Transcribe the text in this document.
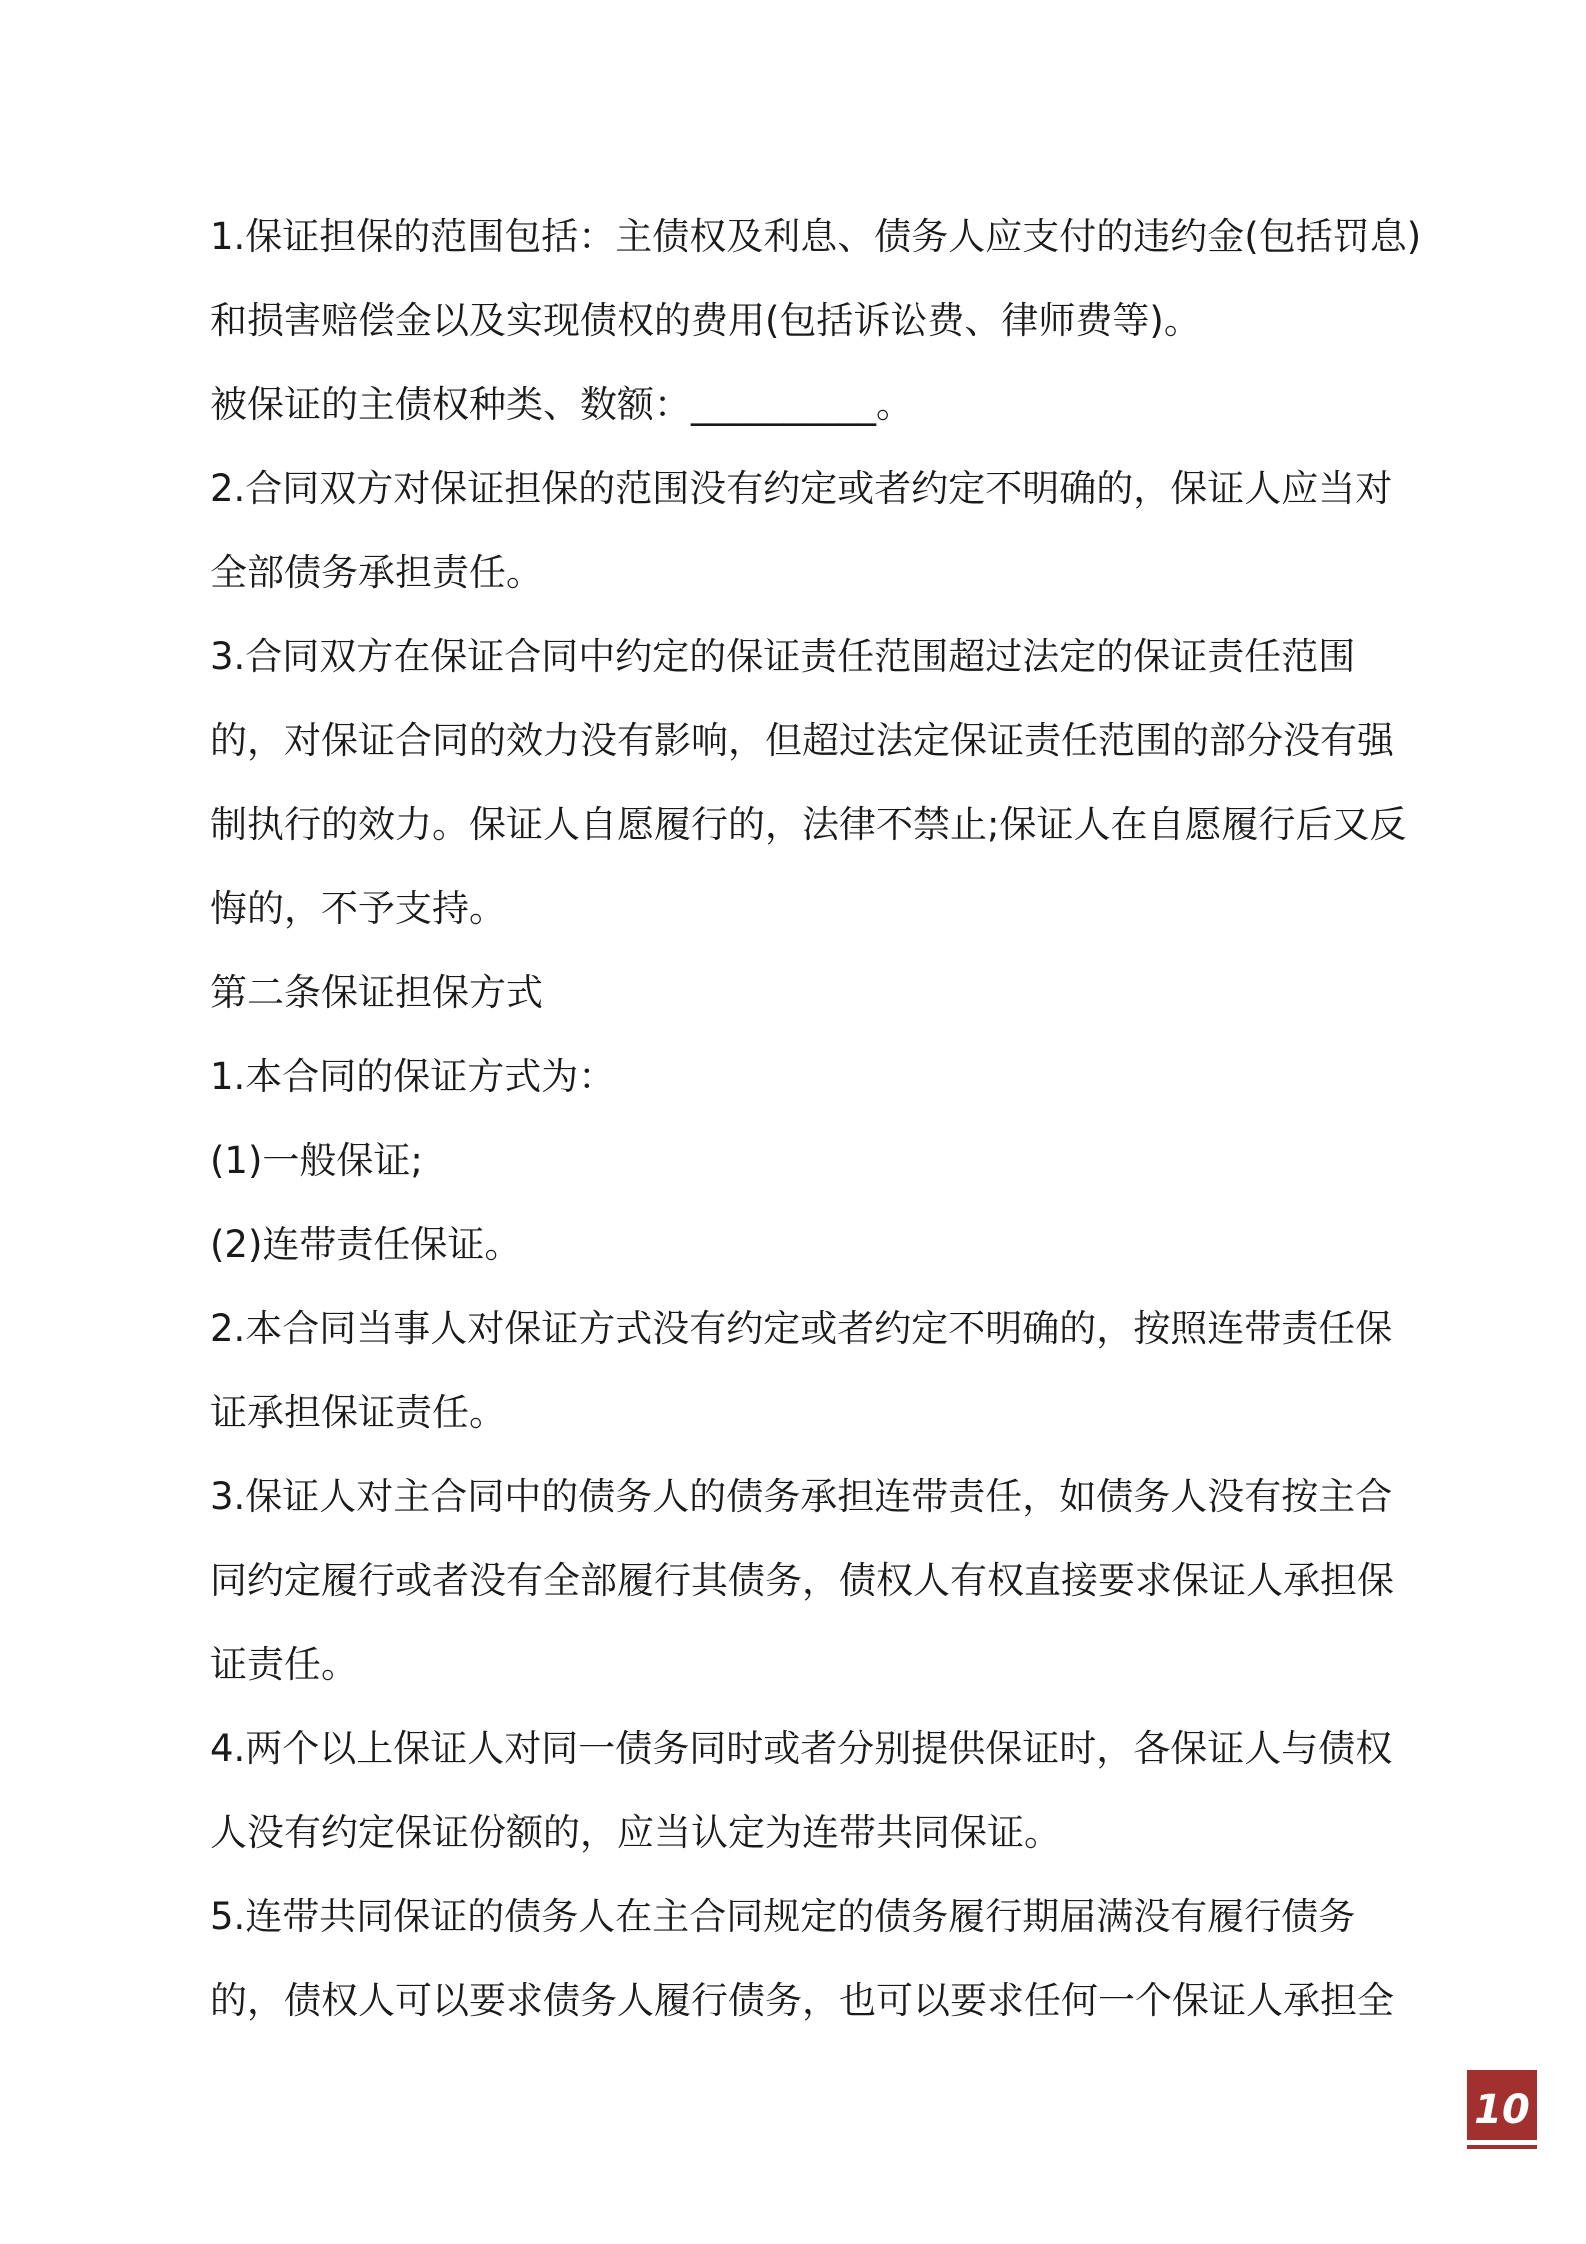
1.保证担保的范围包括：主债权及利息、债务人应支付的违约金(包括罚息)
和损害赔偿金以及实现债权的费用(包括诉讼费、律师费等)。
被保证的主债权种类、数额：__________。
2.合同双方对保证担保的范围没有约定或者约定不明确的，保证人应当对
全部债务承担责任。
3.合同双方在保证合同中约定的保证责任范围超过法定的保证责任范围
的，对保证合同的效力没有影响，但超过法定保证责任范围的部分没有强
制执行的效力。保证人自愿履行的，法律不禁止;保证人在自愿履行后又反
悔的，不予支持。
第二条保证担保方式
1.本合同的保证方式为：
(1)一般保证;
(2)连带责任保证。
2.本合同当事人对保证方式没有约定或者约定不明确的，按照连带责任保
证承担保证责任。
3.保证人对主合同中的债务人的债务承担连带责任，如债务人没有按主合
同约定履行或者没有全部履行其债务，债权人有权直接要求保证人承担保
证责任。
4.两个以上保证人对同一债务同时或者分别提供保证时，各保证人与债权
人没有约定保证份额的，应当认定为连带共同保证。
5.连带共同保证的债务人在主合同规定的债务履行期届满没有履行债务
的，债权人可以要求债务人履行债务，也可以要求任何一个保证人承担全
10
